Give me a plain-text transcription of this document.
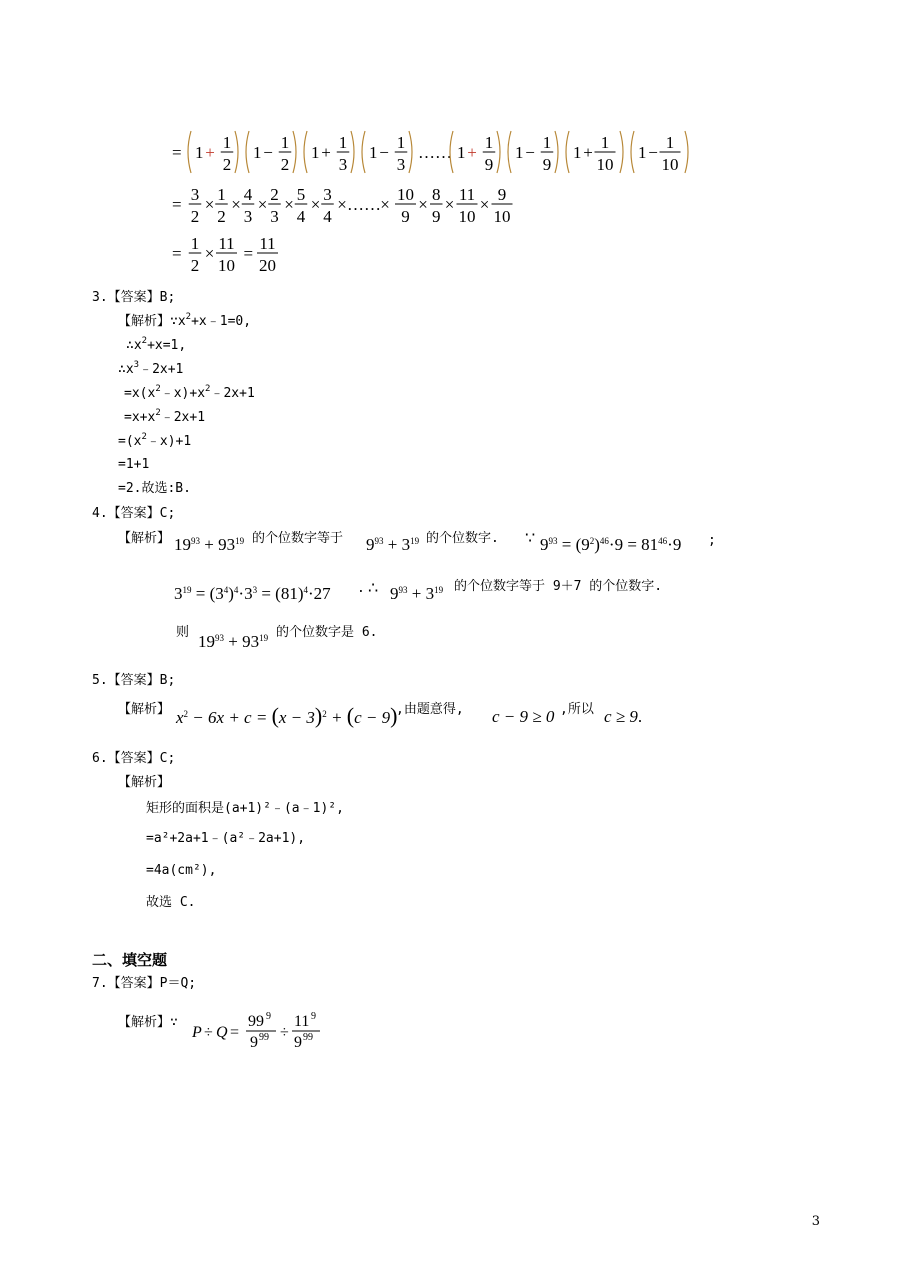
= 1 +
1
2
1 −
1
2
1 +
1
3
1 −
1
3
…… 1 +
1
9
1 −
1
9
1 +
1
10
1 −
1
10
=
3
2
×
1
2
×
4
3
×
2
3
×
5
4
×
3
4
× …… ×
10
9
×
8
9
×
11
10
×
9
10
=
1
2
×
11
10
=
11
20
3.【答案】B;
【解析】$\because x^2+x﹣1=0$,
$\therefore x^2+x=1$,
$\therefore x^3﹣2x+1$
$=x(x^2﹣x)+x^2﹣2x+1$
$=x+x^2﹣2x+1$
$=(x^2﹣x)+1$
=1+1
=2.故选:B.
4.【答案】C;
【解析】 $19^{93} + 93^{19}$ 的个位数字等于 $9^{93} + 3^{19}$ 的个位数字. ∵ $9^{93} = (9^2)^{46}\cdot 9 = 81^{46}\cdot 9$ ;
$3^{19} = (3^4)^4\cdot 3^3 = (81)^4\cdot 27$ . ∴ $9^{93} + 3^{19}$ 的个位数字等于 9＋7 的个位数字.
则 $19^{93} + 93^{19}$ 的个位数字是 6.
5.【答案】B;
【解析】 $x^2 - 6x + c = (x - 3)^2 + (c - 9)$
,由题意得, c − 9 ≥ 0 ,所以 c ≥ 9.
6.【答案】C;
【解析】
矩形的面积是(a+1)²﹣(a﹣1)²,
=a²+2a+1﹣(a²﹣2a+1),
=4a(cm²),
故选 C.
二、填空题
7.【答案】P＝Q;
【解析】∵
P ÷ Q =
99 9
9 99 ÷
11 9
9 99
3
